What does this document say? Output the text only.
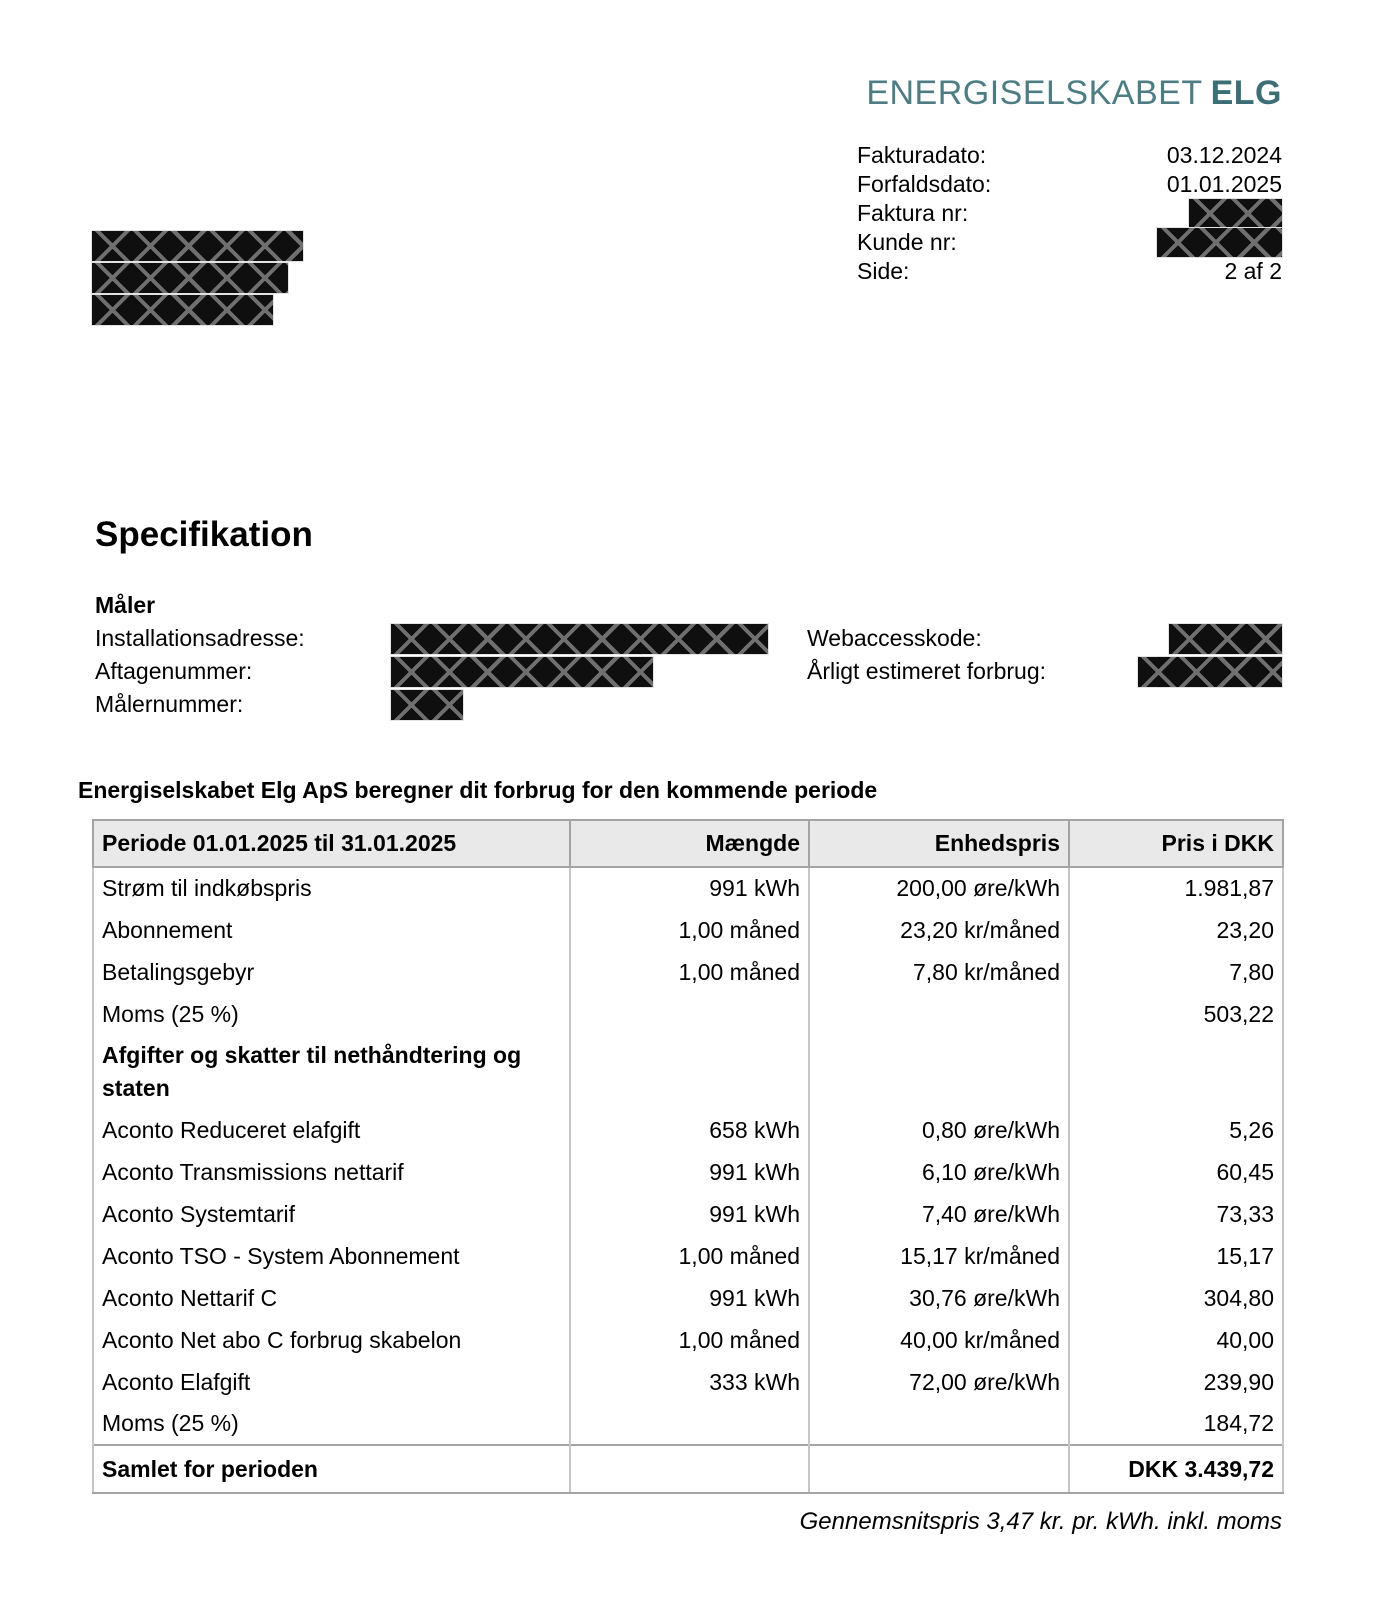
ENERGISELSKABET ELG
Fakturadato:	03.12.2024
Forfaldsdato:	01.01.2025
Faktura nr:
Kunde nr:
Side:	2 af 2
Specifikation
Måler
Installationsadresse:	Webaccesskode:
Aftagenummer:	Årligt estimeret forbrug:
Målernummer:
Energiselskabet Elg ApS beregner dit forbrug for den kommende periode
Periode 01.01.2025 til 31.01.2025	Mængde	Enhedspris	Pris i DKK
Strøm til indkøbspris	991 kWh	200,00 øre/kWh	1.981,87
Abonnement	1,00 måned	23,20 kr/måned	23,20
Betalingsgebyr	1,00 måned	7,80 kr/måned	7,80
Moms (25 %)			503,22
Afgifter og skatter til nethåndtering og staten			
Aconto Reduceret elafgift	658 kWh	0,80 øre/kWh	5,26
Aconto Transmissions nettarif	991 kWh	6,10 øre/kWh	60,45
Aconto Systemtarif	991 kWh	7,40 øre/kWh	73,33
Aconto TSO - System Abonnement	1,00 måned	15,17 kr/måned	15,17
Aconto Nettarif C	991 kWh	30,76 øre/kWh	304,80
Aconto Net abo C forbrug skabelon	1,00 måned	40,00 kr/måned	40,00
Aconto Elafgift	333 kWh	72,00 øre/kWh	239,90
Moms (25 %)			184,72
Samlet for perioden			DKK 3.439,72
Gennemsnitspris 3,47 kr. pr. kWh. inkl. moms
